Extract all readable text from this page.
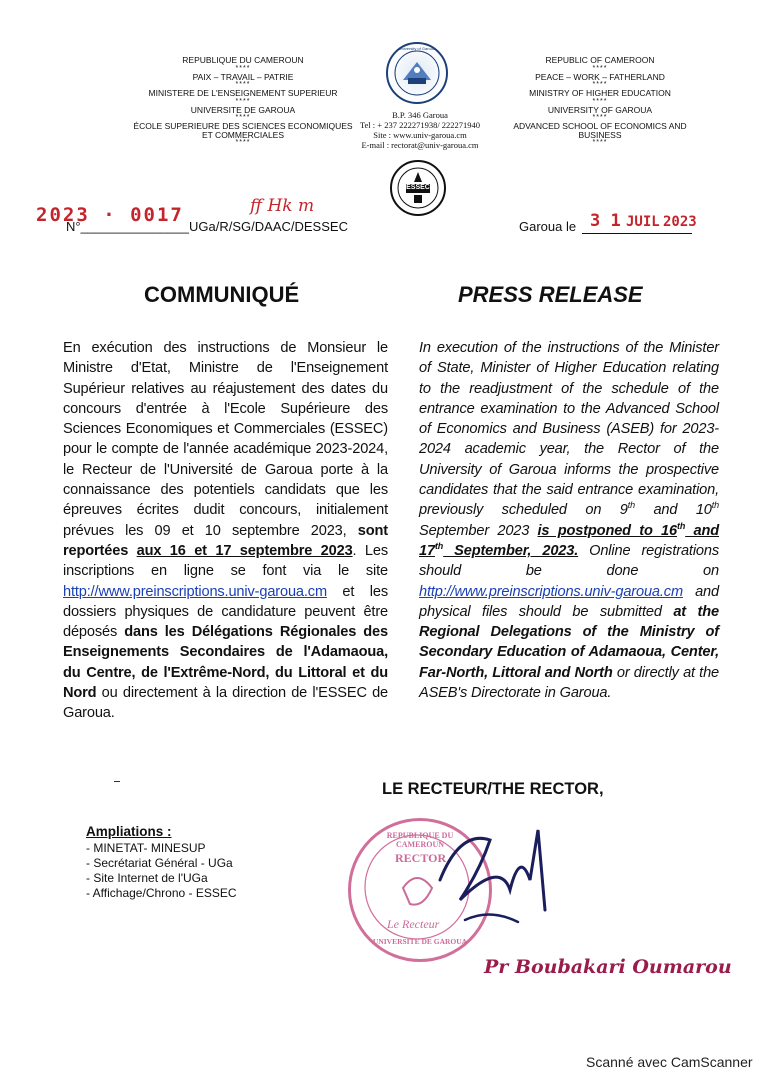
REPUBLIQUE DU CAMEROUN
****
PAIX – TRAVAIL – PATRIE
****
MINISTERE DE L'ENSEIGNEMENT SUPERIEUR
****
UNIVERSITE DE GAROUA
****
ÉCOLE SUPERIEURE DES SCIENCES ECONOMIQUES
ET COMMERCIALES
****
REPUBLIC OF CAMEROON
****
PEACE – WORK – FATHERLAND
****
MINISTRY OF HIGHER EDUCATION
****
UNIVERSITY OF GAROUA
****
ADVANCED SCHOOL OF ECONOMICS AND
BUSINESS
****
University of Garoua
B.P. 346 Garoua
Tel : + 237 222271938/ 222271940
Site : www.univ-garoua.cm
E-mail : rectorat@univ-garoua.cm
ESSEC
2023 · 0017
N°_______________UGa/R/SG/DAAC/DESSEC
ff Hk m
Garoua le 3 1 JUIL 2023
COMMUNIQUÉ	PRESS RELEASE
En exécution des instructions de Monsieur le Ministre d'Etat, Ministre de l'Enseignement Supérieur relatives au réajustement des dates du concours d'entrée à l'Ecole Supérieure des Sciences Economiques et Commerciales (ESSEC) pour le compte de l'année académique 2023-2024, le Recteur de l'Université de Garoua porte à la connaissance des potentiels candidats que les épreuves écrites dudit concours, initialement prévues les 09 et 10 septembre 2023, sont reportées aux 16 et 17 septembre 2023. Les inscriptions en ligne se font via le site http://www.preinscriptions.univ-garoua.cm et les dossiers physiques de candidature peuvent être déposés dans les Délégations Régionales des Enseignements Secondaires de l'Adamaoua, du Centre, de l'Extrême-Nord, du Littoral et du Nord ou directement à la direction de l'ESSEC de Garoua.
In execution of the instructions of the Minister of State, Minister of Higher Education relating to the readjustment of the schedule of the entrance examination to the Advanced School of Economics and Business (ASEB) for 2023-2024 academic year, the Rector of the University of Garoua informs the prospective candidates that the said entrance examination, previously scheduled on 9th and 10th September 2023 is postponed to 16th and 17th September, 2023. Online registrations should be done on http://www.preinscriptions.univ-garoua.cm and physical files should be submitted at the Regional Delegations of the Ministry of Secondary Education of Adamaoua, Center, Far-North, Littoral and North or directly at the ASEB's Directorate in Garoua.
LE RECTEUR/THE RECTOR,
Ampliations :
- MINETAT- MINESUP
- Secrétariat Général - UGa
- Site Internet de l'UGa
- Affichage/Chrono - ESSEC
REPUBLIQUE DU CAMEROUN
RECTOR
Le Recteur
UNIVERSITE DE GAROUA
Pr Boubakari Oumarou
Scanné avec CamScanner
